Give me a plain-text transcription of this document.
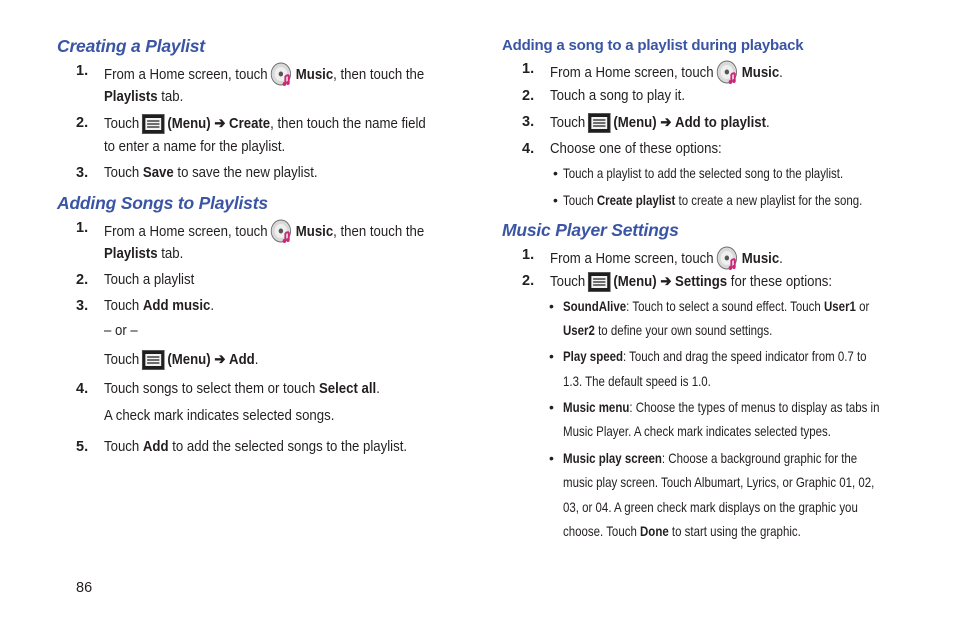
Creating a Playlist
1. From a Home screen, touch Music, then touch the
Playlists tab.
2. Touch (Menu) ➔ Create, then touch the name field
to enter a name for the playlist.
3. Touch Save to save the new playlist.
Adding Songs to Playlists
1. From a Home screen, touch Music, then touch the
Playlists tab.
2. Touch a playlist
3. Touch Add music.
– or –
Touch (Menu) ➔ Add.
4. Touch songs to select them or touch Select all.
A check mark indicates selected songs.
5. Touch Add to add the selected songs to the playlist.
86
Adding a song to a playlist during playback
1. From a Home screen, touch Music.
2. Touch a song to play it.
3. Touch (Menu) ➔ Add to playlist.
4. Choose one of these options:
• Touch a playlist to add the selected song to the playlist.
• Touch Create playlist to create a new playlist for the song.
Music Player Settings
1. From a Home screen, touch Music.
2. Touch (Menu) ➔ Settings for these options:
• SoundAlive: Touch to select a sound effect. Touch User1 or
User2 to define your own sound settings.
• Play speed: Touch and drag the speed indicator from 0.7 to
1.3. The default speed is 1.0.
• Music menu: Choose the types of menus to display as tabs in
Music Player. A check mark indicates selected types.
• Music play screen: Choose a background graphic for the
music play screen. Touch Albumart, Lyrics, or Graphic 01, 02,
03, or 04. A green check mark displays on the graphic you
choose. Touch Done to start using the graphic.
